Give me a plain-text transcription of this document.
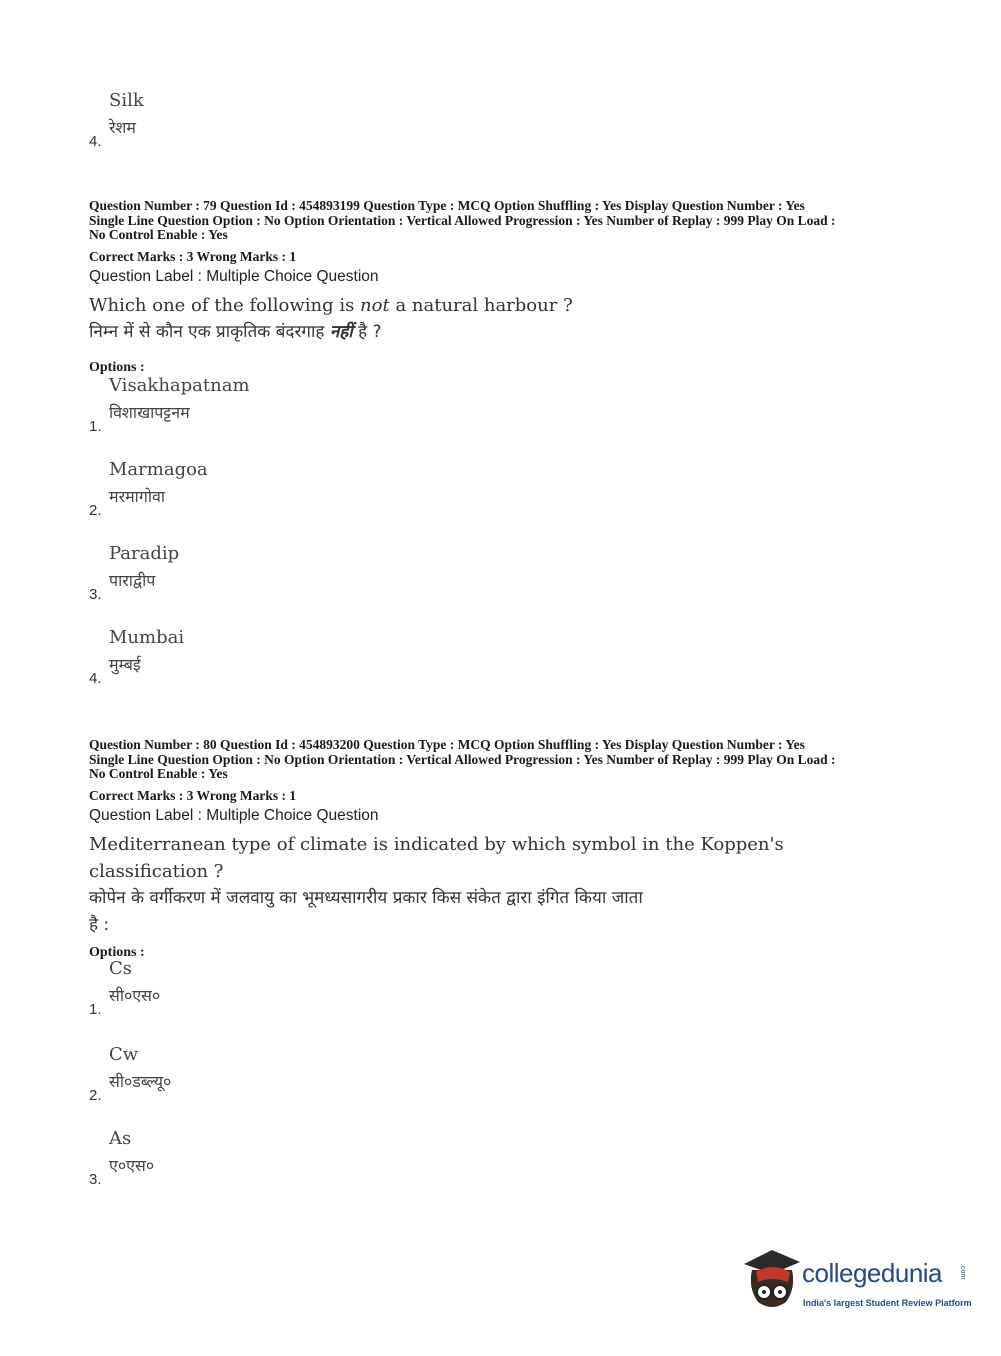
Silk
रेशम
4.
Question Number : 79 Question Id : 454893199 Question Type : MCQ Option Shuffling : Yes Display Question Number : Yes
Single Line Question Option : No Option Orientation : Vertical Allowed Progression : Yes Number of Replay : 999 Play On Load :
No Control Enable : Yes
Correct Marks : 3 Wrong Marks : 1
Question Label : Multiple Choice Question
Which one of the following is not a natural harbour ?
निम्न में से कौन एक प्राकृतिक बंदरगाह नहीं है ?
Options :
Visakhapatnam
विशाखापट्टनम
1.
Marmagoa
मरमागोवा
2.
Paradip
पाराद्वीप
3.
Mumbai
मुम्बई
4.
Question Number : 80 Question Id : 454893200 Question Type : MCQ Option Shuffling : Yes Display Question Number : Yes
Single Line Question Option : No Option Orientation : Vertical Allowed Progression : Yes Number of Replay : 999 Play On Load :
No Control Enable : Yes
Correct Marks : 3 Wrong Marks : 1
Question Label : Multiple Choice Question
Mediterranean type of climate is indicated by which symbol in the Koppen's
classification ?
कोपेन के वर्गीकरण में जलवायु का भूमध्यसागरीय प्रकार किस संकेत द्वारा इंगित किया जाता
है :
Options :
Cs
सी०एस०
1.
Cw
सी०डब्ल्यू०
2.
As
ए०एस०
3.
collegedunia .com
India's largest Student Review Platform
